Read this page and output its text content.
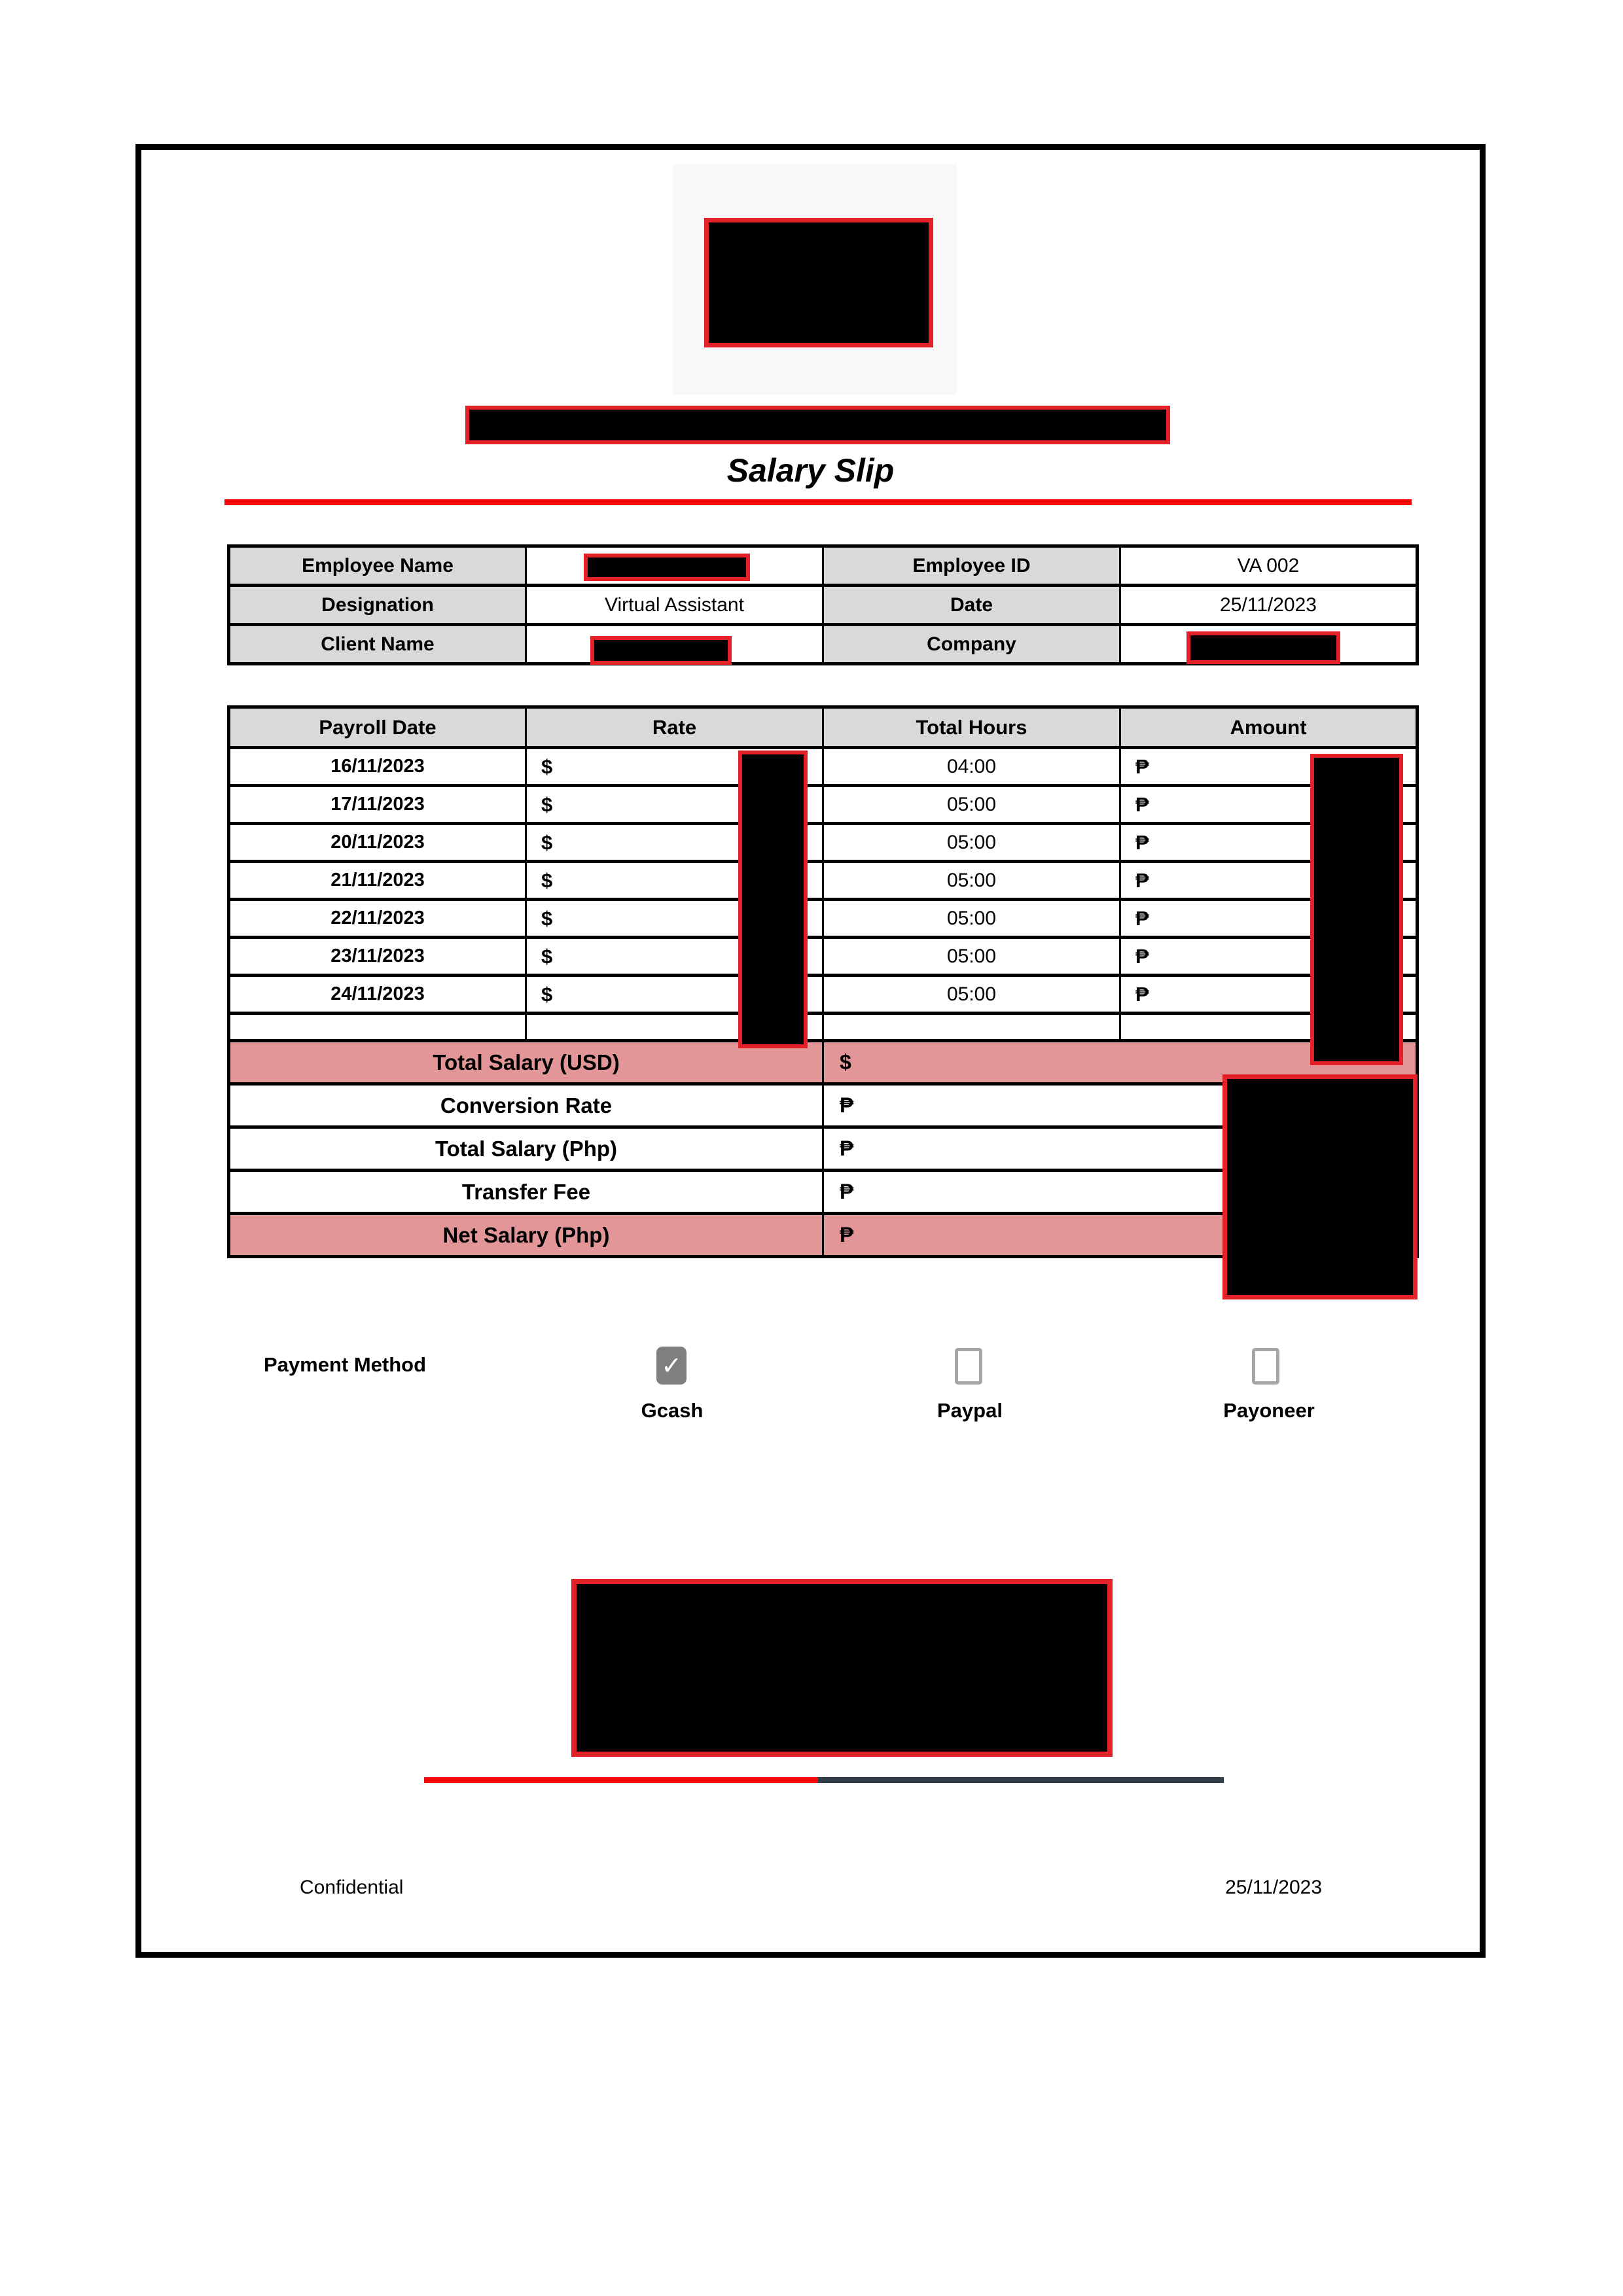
Salary Slip
Employee Name		Employee ID	VA 002
Designation	Virtual Assistant	Date	25/11/2023
Client Name		Company	
Payroll Date	Rate	Total Hours	Amount
16/11/2023	$	04:00	₱
17/11/2023	$	05:00	₱
20/11/2023	$	05:00	₱
21/11/2023	$	05:00	₱
22/11/2023	$	05:00	₱
23/11/2023	$	05:00	₱
24/11/2023	$	05:00	₱

Total Salary (USD)		$	
Conversion Rate		₱	
Total Salary (Php)		₱	
Transfer Fee		₱	
Net Salary (Php)		₱	
Payment Method	✓
Gcash	Paypal	Payoneer
Confidential	25/11/2023
